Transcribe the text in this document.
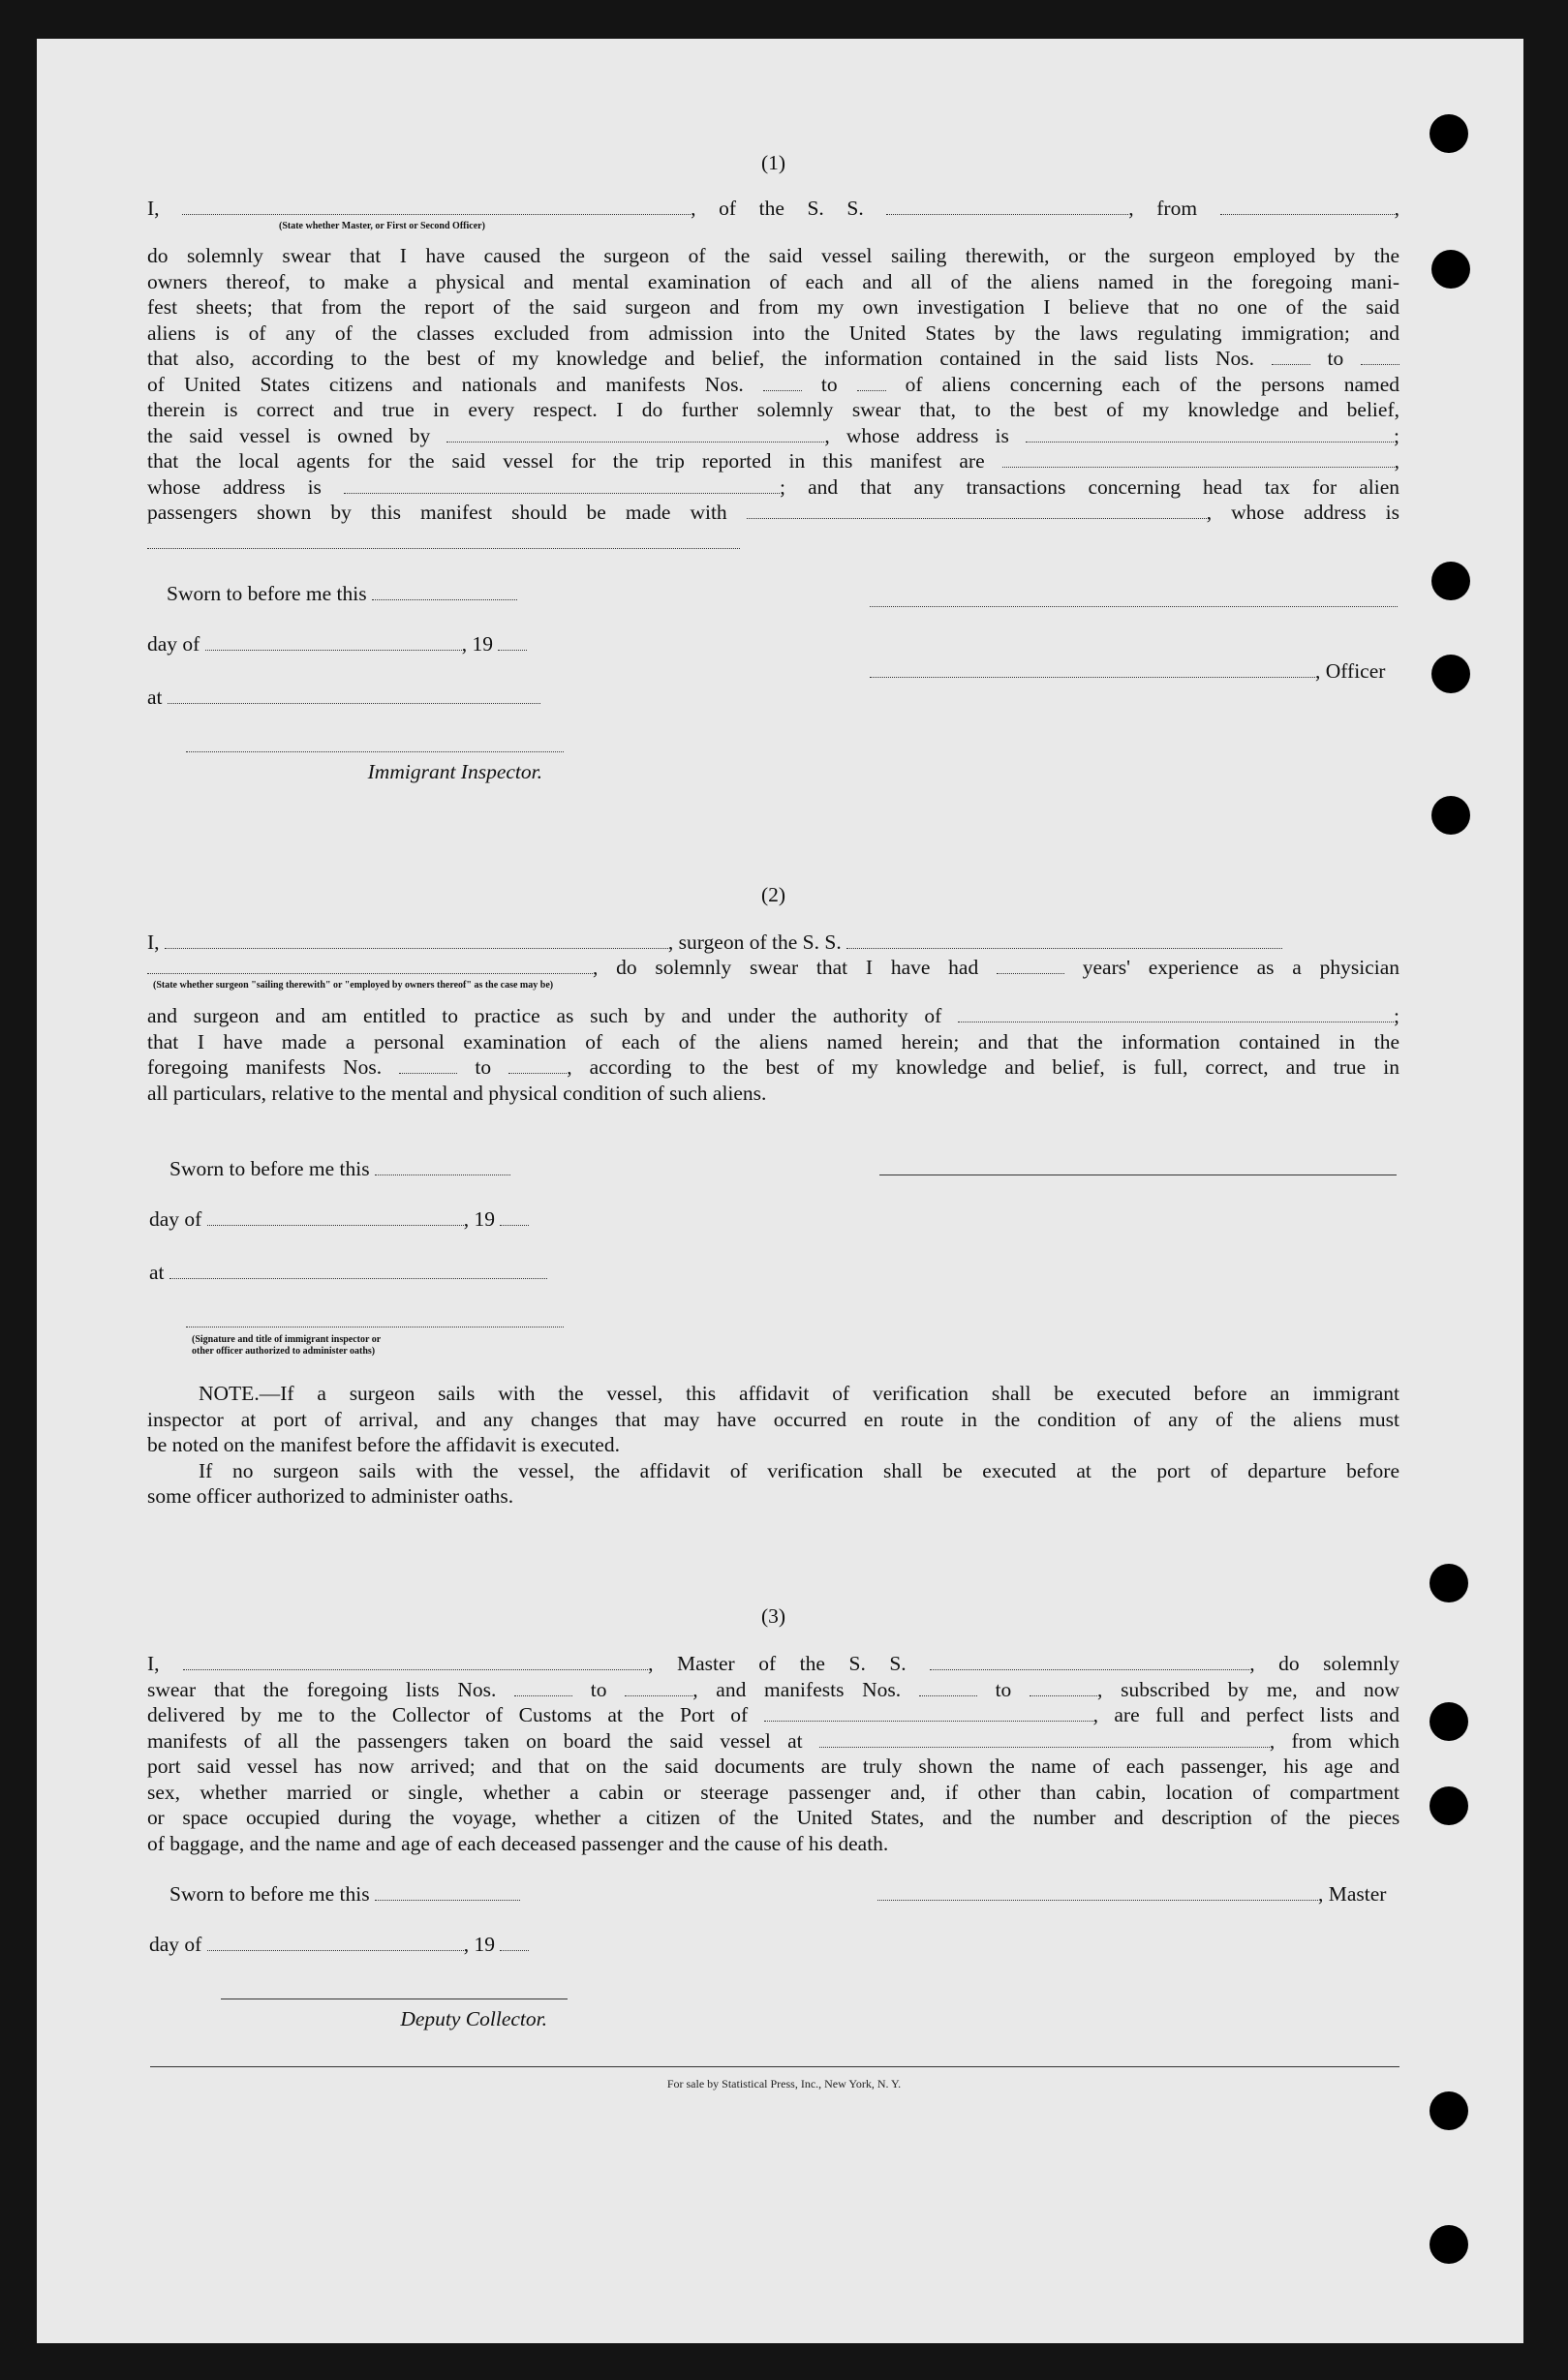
(1)
I,	, of the S. S.	, from	,
(State whether Master, or First or Second Officer)
do solemnly swear that I have caused the surgeon of the said vessel sailing therewith, or the surgeon employed by the
owners thereof, to make a physical and mental examination of each and all of the aliens named in the foregoing mani-
fest sheets; that from the report of the said surgeon and from my own investigation I believe that no one of the said
aliens is of any of the classes excluded from admission into the United States by the laws regulating immigration; and
that also, according to the best of my knowledge and belief, the information contained in the said lists Nos.	to
of United States citizens and nationals and manifests Nos.	to	of aliens concerning each of the persons named
therein is correct and true in every respect. I do further solemnly swear that, to the best of my knowledge and belief,
the said vessel is owned by	, whose address is	;
that the local agents for the said vessel for the trip reported in this manifest are	,
whose address is	; and that any transactions concerning head tax for alien
passengers shown by this manifest should be made with	, whose address is
Sworn to before me this
day of	, 19
at
, Officer
Immigrant Inspector.
(2)
I,	, surgeon of the S. S.
, do solemnly swear that I have had	years' experience as a physician
(State whether surgeon "sailing therewith" or "employed by owners thereof" as the case may be)
and surgeon and am entitled to practice as such by and under the authority of	;
that I have made a personal examination of each of the aliens named herein; and that the information contained in the
foregoing manifests Nos.	to	, according to the best of my knowledge and belief, is full, correct, and true in
all particulars, relative to the mental and physical condition of such aliens.
Sworn to before me this
day of	, 19
at
(Signature and title of immigrant inspector or
other officer authorized to administer oaths)
NOTE.—If a surgeon sails with the vessel, this affidavit of verification shall be executed before an immigrant
inspector at port of arrival, and any changes that may have occurred en route in the condition of any of the aliens must
be noted on the manifest before the affidavit is executed.
If no surgeon sails with the vessel, the affidavit of verification shall be executed at the port of departure before
some officer authorized to administer oaths.
(3)
I,	, Master of the S. S.	, do solemnly
swear that the foregoing lists Nos.	to	, and manifests Nos.	to	, subscribed by me, and now
delivered by me to the Collector of Customs at the Port of	, are full and perfect lists and
manifests of all the passengers taken on board the said vessel at	, from which
port said vessel has now arrived; and that on the said documents are truly shown the name of each passenger, his age and
sex, whether married or single, whether a cabin or steerage passenger and, if other than cabin, location of compartment
or space occupied during the voyage, whether a citizen of the United States, and the number and description of the pieces
of baggage, and the name and age of each deceased passenger and the cause of his death.
Sworn to before me this	, Master
day of	, 19
Deputy Collector.
For sale by Statistical Press, Inc., New York, N. Y.
